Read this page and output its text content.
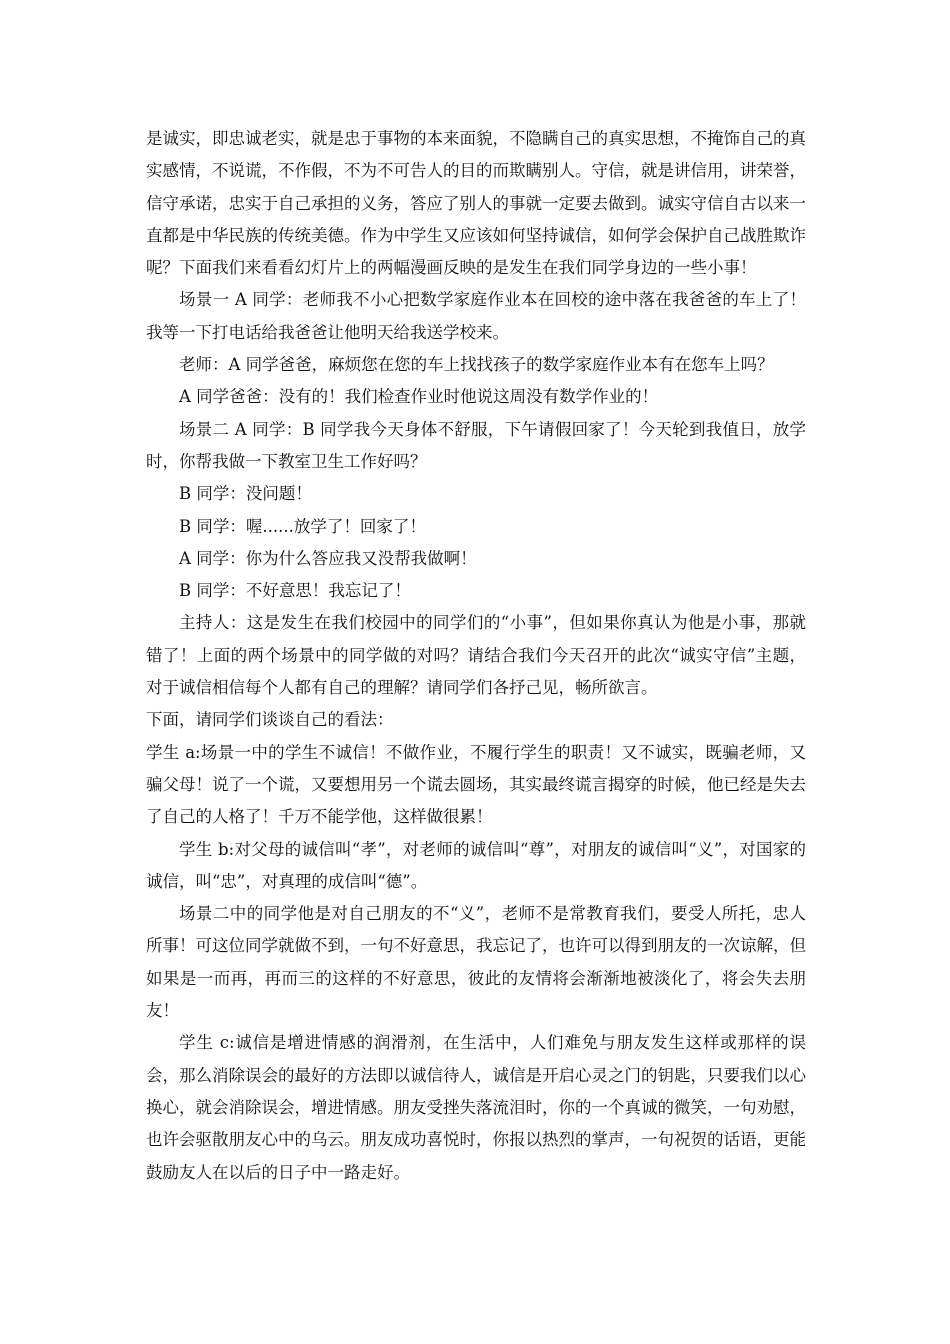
是诚实，即忠诚老实，就是忠于事物的本来面貌，不隐瞒自己的真实思想，不掩饰自己的真实感情，不说谎，不作假，不为不可告人的目的而欺瞒别人。守信，就是讲信用，讲荣誉，信守承诺，忠实于自己承担的义务，答应了别人的事就一定要去做到。诚实守信自古以来一直都是中华民族的传统美德。作为中学生又应该如何坚持诚信，如何学会保护自己战胜欺诈呢？下面我们来看看幻灯片上的两幅漫画反映的是发生在我们同学身边的一些小事！

场景一 A 同学：老师我不小心把数学家庭作业本在回校的途中落在我爸爸的车上了！我等一下打电话给我爸爸让他明天给我送学校来。

老师：A 同学爸爸，麻烦您在您的车上找找孩子的数学家庭作业本有在您车上吗？

A 同学爸爸：没有的！我们检查作业时他说这周没有数学作业的！

场景二 A 同学：B 同学我今天身体不舒服，下午请假回家了！今天轮到我值日，放学时，你帮我做一下教室卫生工作好吗？

B 同学：没问题！

B 同学：喔......放学了！回家了！

A 同学：你为什么答应我又没帮我做啊！

B 同学：不好意思！我忘记了！

主持人：这是发生在我们校园中的同学们的“小事”，但如果你真认为他是小事，那就错了！上面的两个场景中的同学做的对吗？请结合我们今天召开的此次“诚实守信”主题，对于诚信相信每个人都有自己的理解？请同学们各抒己见，畅所欲言。

下面，请同学们谈谈自己的看法：

学生 a:场景一中的学生不诚信！不做作业，不履行学生的职责！又不诚实，既骗老师，又骗父母！说了一个谎，又要想用另一个谎去圆场，其实最终谎言揭穿的时候，他已经是失去了自己的人格了！千万不能学他，这样做很累！

学生 b:对父母的诚信叫“孝”，对老师的诚信叫“尊”，对朋友的诚信叫“义”，对国家的诚信，叫“忠”，对真理的成信叫“德”。

场景二中的同学他是对自己朋友的不“义”，老师不是常教育我们，要受人所托，忠人所事！可这位同学就做不到，一句不好意思，我忘记了，也许可以得到朋友的一次谅解，但如果是一而再，再而三的这样的不好意思，彼此的友情将会渐渐地被淡化了，将会失去朋友！

学生 c:诚信是增进情感的润滑剂，在生活中，人们难免与朋友发生这样或那样的误会，那么消除误会的最好的方法即以诚信待人，诚信是开启心灵之门的钥匙，只要我们以心换心，就会消除误会，增进情感。朋友受挫失落流泪时，你的一个真诚的微笑，一句劝慰，也许会驱散朋友心中的乌云。朋友成功喜悦时，你报以热烈的掌声，一句祝贺的话语，更能鼓励友人在以后的日子中一路走好。
